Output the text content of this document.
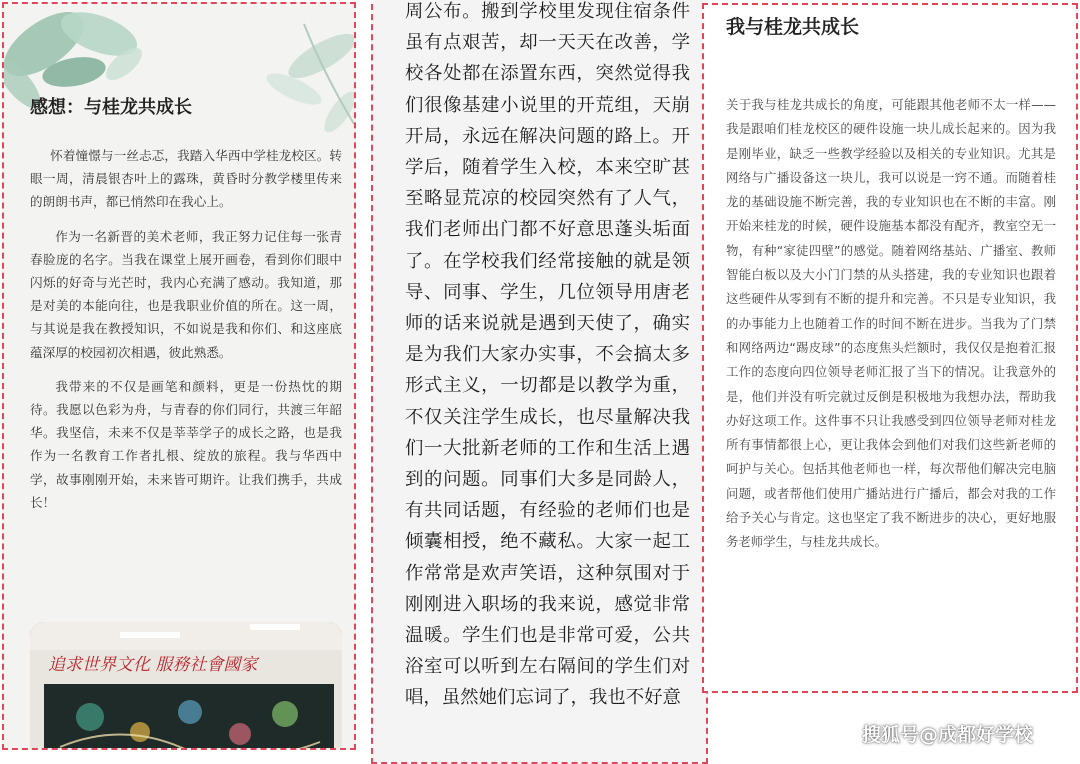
感想：与桂龙共成长

怀着憧憬与一丝忐忑，我踏入华西中学桂龙校区。转眼一周，清晨银杏叶上的露珠，黄昏时分教学楼里传来的朗朗书声，都已悄然印在我心上。

作为一名新晋的美术老师，我正努力记住每一张青春脸庞的名字。当我在课堂上展开画卷，看到你们眼中闪烁的好奇与光芒时，我内心充满了感动。我知道，那是对美的本能向往，也是我职业价值的所在。这一周，与其说是我在教授知识，不如说是我和你们、和这座底蕴深厚的校园初次相遇，彼此熟悉。

我带来的不仅是画笔和颜料，更是一份热忱的期待。我愿以色彩为舟，与青春的你们同行，共渡三年韶华。我坚信，未来不仅是莘莘学子的成长之路，也是我作为一名教育工作者扎根、绽放的旅程。我与华西中学，故事刚刚开始，未来皆可期许。让我们携手，共成长！

追求世界文化 服務社會國家
周公布。搬到学校里发现住宿条件虽有点艰苦，却一天天在改善，学校各处都在添置东西，突然觉得我们很像基建小说里的开荒组，天崩开局，永远在解决问题的路上。开学后，随着学生入校，本来空旷甚至略显荒凉的校园突然有了人气，我们老师出门都不好意思蓬头垢面了。在学校我们经常接触的就是领导、同事、学生，几位领导用唐老师的话来说就是遇到天使了，确实是为我们大家办实事，不会搞太多形式主义，一切都是以教学为重，不仅关注学生成长，也尽量解决我们一大批新老师的工作和生活上遇到的问题。同事们大多是同龄人，有共同话题，有经验的老师们也是倾囊相授，绝不藏私。大家一起工作常常是欢声笑语，这种氛围对于刚刚进入职场的我来说，感觉非常温暖。学生们也是非常可爱，公共浴室可以听到左右隔间的学生们对唱，虽然她们忘词了，我也不好意
我与桂龙共成长
关于我与桂龙共成长的角度，可能跟其他老师不太一样——我是跟咱们桂龙校区的硬件设施一块儿成长起来的。因为我是刚毕业，缺乏一些教学经验以及相关的专业知识。尤其是网络与广播设备这一块儿，我可以说是一窍不通。而随着桂龙的基础设施不断完善，我的专业知识也在不断的丰富。刚开始来桂龙的时候，硬件设施基本都没有配齐，教室空无一物，有种“家徒四壁”的感觉。随着网络基站、广播室、教师智能白板以及大小门门禁的从头搭建，我的专业知识也跟着这些硬件从零到有不断的提升和完善。不只是专业知识，我的办事能力上也随着工作的时间不断在进步。当我为了门禁和网络两边“踢皮球”的态度焦头烂额时，我仅仅是抱着汇报工作的态度向四位领导老师汇报了当下的情况。让我意外的是，他们并没有听完就过反倒是积极地为我想办法，帮助我办好这项工作。这件事不只让我感受到四位领导老师对桂龙所有事情都很上心，更让我体会到他们对我们这些新老师的呵护与关心。包括其他老师也一样，每次帮他们解决完电脑问题，或者帮他们使用广播站进行广播后，都会对我的工作给予关心与肯定。这也坚定了我不断进步的决心，更好地服务老师学生，与桂龙共成长。
搜狐号@成都好学校
